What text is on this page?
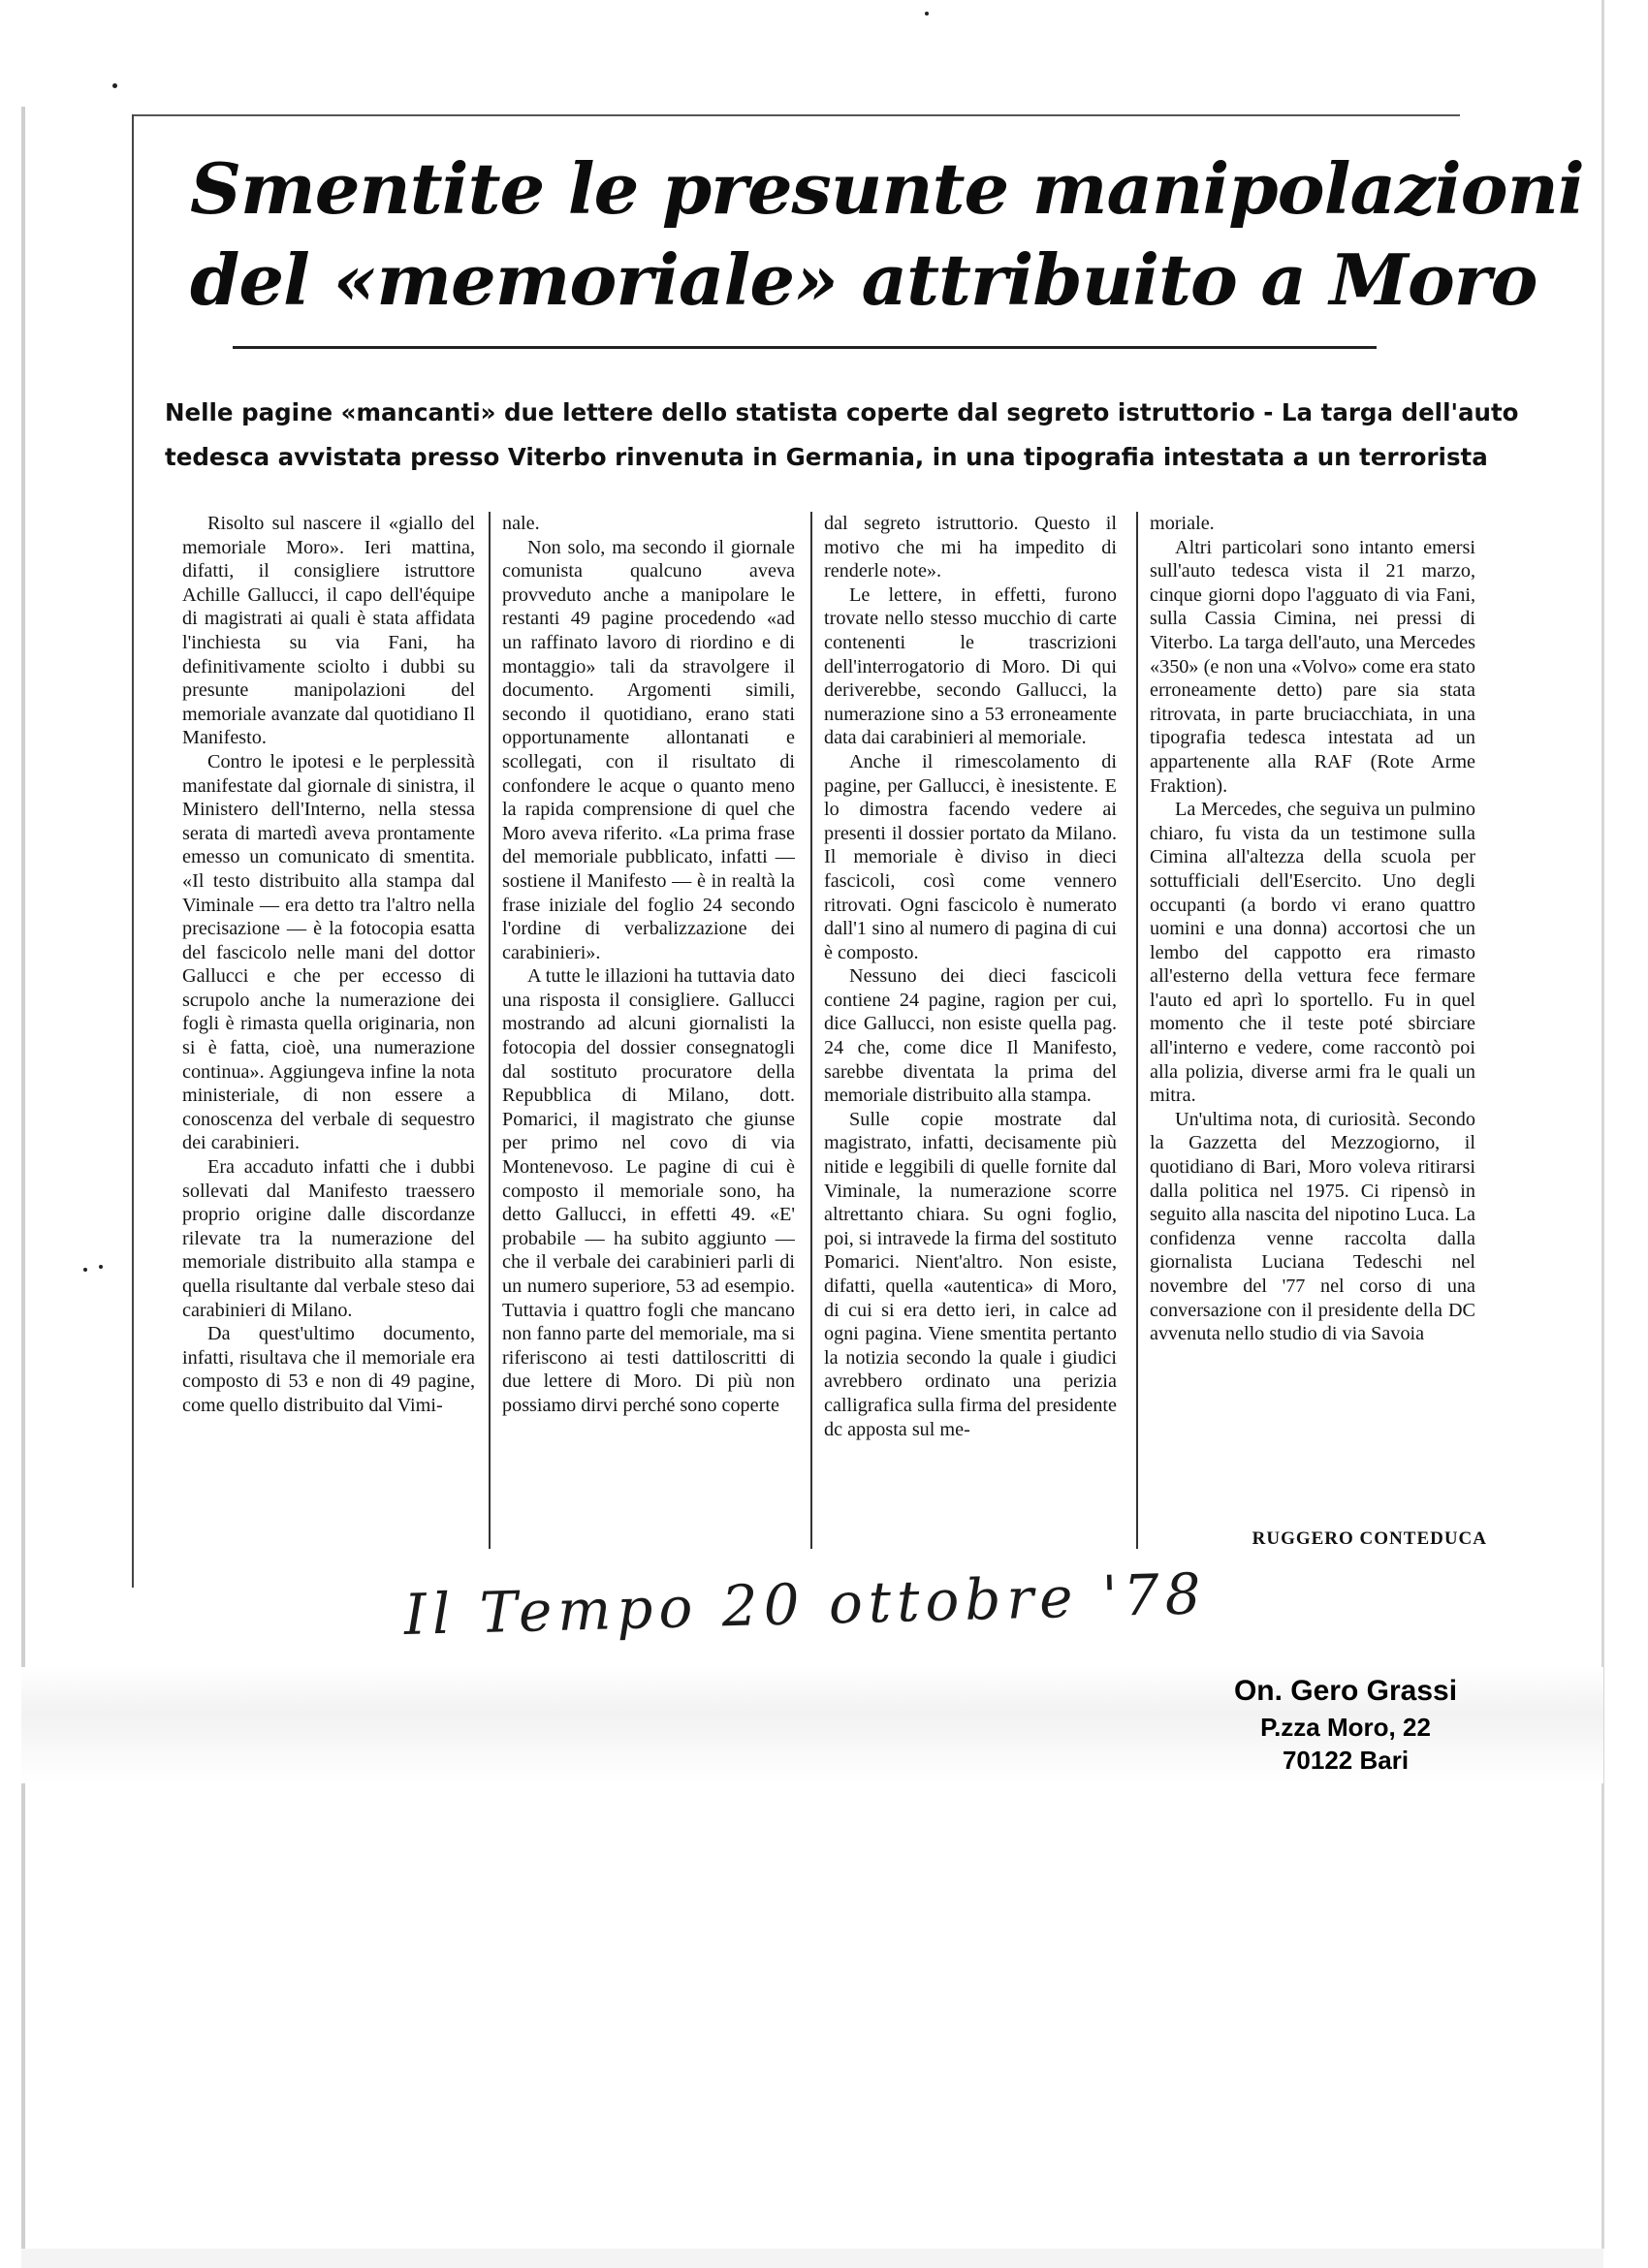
Smentite le presunte manipolazioni
del «memoriale» attribuito a Moro
Nelle pagine «mancanti» due lettere dello statista coperte dal segreto istruttorio - La targa dell'auto
tedesca avvistata presso Viterbo rinvenuta in Germania, in una tipografia intestata a un terrorista

Risolto sul nascere il «giallo del memoriale Moro». Ieri mattina, difatti, il consigliere istruttore Achille Gallucci, il capo dell'équipe di magistrati ai quali è stata affidata l'inchiesta su via Fani, ha definitivamente sciolto i dubbi su presunte manipolazioni del memoriale avanzate dal quotidiano Il Manifesto.

Contro le ipotesi e le perplessità manifestate dal giornale di sinistra, il Ministero dell'Interno, nella stessa serata di martedì aveva prontamente emesso un comunicato di smentita. «Il testo distribuito alla stampa dal Viminale — era detto tra l'altro nella precisazione — è la fotocopia esatta del fascicolo nelle mani del dottor Gallucci e che per eccesso di scrupolo anche la numerazione dei fogli è rimasta quella originaria, non si è fatta, cioè, una numerazione continua». Aggiungeva infine la nota ministeriale, di non essere a conoscenza del verbale di sequestro dei carabinieri.

Era accaduto infatti che i dubbi sollevati dal Manifesto traessero proprio origine dalle discordanze rilevate tra la numerazione del memoriale distribuito alla stampa e quella risultante dal verbale steso dai carabinieri di Milano.

Da quest'ultimo documento, infatti, risultava che il memoriale era composto di 53 e non di 49 pagine, come quello distribuito dal Vimi-

nale.

Non solo, ma secondo il giornale comunista qualcuno aveva provveduto anche a manipolare le restanti 49 pagine procedendo «ad un raffinato lavoro di riordino e di montaggio» tali da stravolgere il documento. Argomenti simili, secondo il quotidiano, erano stati opportunamente allontanati e scollegati, con il risultato di confondere le acque o quanto meno la rapida comprensione di quel che Moro aveva riferito. «La prima frase del memoriale pubblicato, infatti — sostiene il Manifesto — è in realtà la frase iniziale del foglio 24 secondo l'ordine di verbalizzazione dei carabinieri».

A tutte le illazioni ha tuttavia dato una risposta il consigliere. Gallucci mostrando ad alcuni giornalisti la fotocopia del dossier consegnatogli dal sostituto procuratore della Repubblica di Milano, dott. Pomarici, il magistrato che giunse per primo nel covo di via Montenevoso. Le pagine di cui è composto il memoriale sono, ha detto Gallucci, in effetti 49. «E' probabile — ha subito aggiunto — che il verbale dei carabinieri parli di un numero superiore, 53 ad esempio. Tuttavia i quattro fogli che mancano non fanno parte del memoriale, ma si riferiscono ai testi dattiloscritti di due lettere di Moro. Di più non possiamo dirvi perché sono coperte

dal segreto istruttorio. Questo il motivo che mi ha impedito di renderle note».

Le lettere, in effetti, furono trovate nello stesso mucchio di carte contenenti le trascrizioni dell'interrogatorio di Moro. Di qui deriverebbe, secondo Gallucci, la numerazione sino a 53 erroneamente data dai carabinieri al memoriale.

Anche il rimescolamento di pagine, per Gallucci, è inesistente. E lo dimostra facendo vedere ai presenti il dossier portato da Milano. Il memoriale è diviso in dieci fascicoli, così come vennero ritrovati. Ogni fascicolo è numerato dall'1 sino al numero di pagina di cui è composto.

Nessuno dei dieci fascicoli contiene 24 pagine, ragion per cui, dice Gallucci, non esiste quella pag. 24 che, come dice Il Manifesto, sarebbe diventata la prima del memoriale distribuito alla stampa.

Sulle copie mostrate dal magistrato, infatti, decisamente più nitide e leggibili di quelle fornite dal Viminale, la numerazione scorre altrettanto chiara. Su ogni foglio, poi, si intravede la firma del sostituto Pomarici. Nient'altro. Non esiste, difatti, quella «autentica» di Moro, di cui si era detto ieri, in calce ad ogni pagina. Viene smentita pertanto la notizia secondo la quale i giudici avrebbero ordinato una perizia calligrafica sulla firma del presidente dc apposta sul me-

moriale.

Altri particolari sono intanto emersi sull'auto tedesca vista il 21 marzo, cinque giorni dopo l'agguato di via Fani, sulla Cassia Cimina, nei pressi di Viterbo. La targa dell'auto, una Mercedes «350» (e non una «Volvo» come era stato erroneamente detto) pare sia stata ritrovata, in parte bruciacchiata, in una tipografia tedesca intestata ad un appartenente alla RAF (Rote Arme Fraktion).

La Mercedes, che seguiva un pulmino chiaro, fu vista da un testimone sulla Cimina all'altezza della scuola per sottufficiali dell'Esercito. Uno degli occupanti (a bordo vi erano quattro uomini e una donna) accortosi che un lembo del cappotto era rimasto all'esterno della vettura fece fermare l'auto ed aprì lo sportello. Fu in quel momento che il teste poté sbirciare all'interno e vedere, come raccontò poi alla polizia, diverse armi fra le quali un mitra.

Un'ultima nota, di curiosità. Secondo la Gazzetta del Mezzogiorno, il quotidiano di Bari, Moro voleva ritirarsi dalla politica nel 1975. Ci ripensò in seguito alla nascita del nipotino Luca. La confidenza venne raccolta dalla giornalista Luciana Tedeschi nel novembre del '77 nel corso di una conversazione con il presidente della DC avvenuta nello studio di via Savoia

RUGGERO CONTEDUCA
Il Tempo 20 ottobre '78
On. Gero Grassi
P.zza Moro, 22
70122 Bari
